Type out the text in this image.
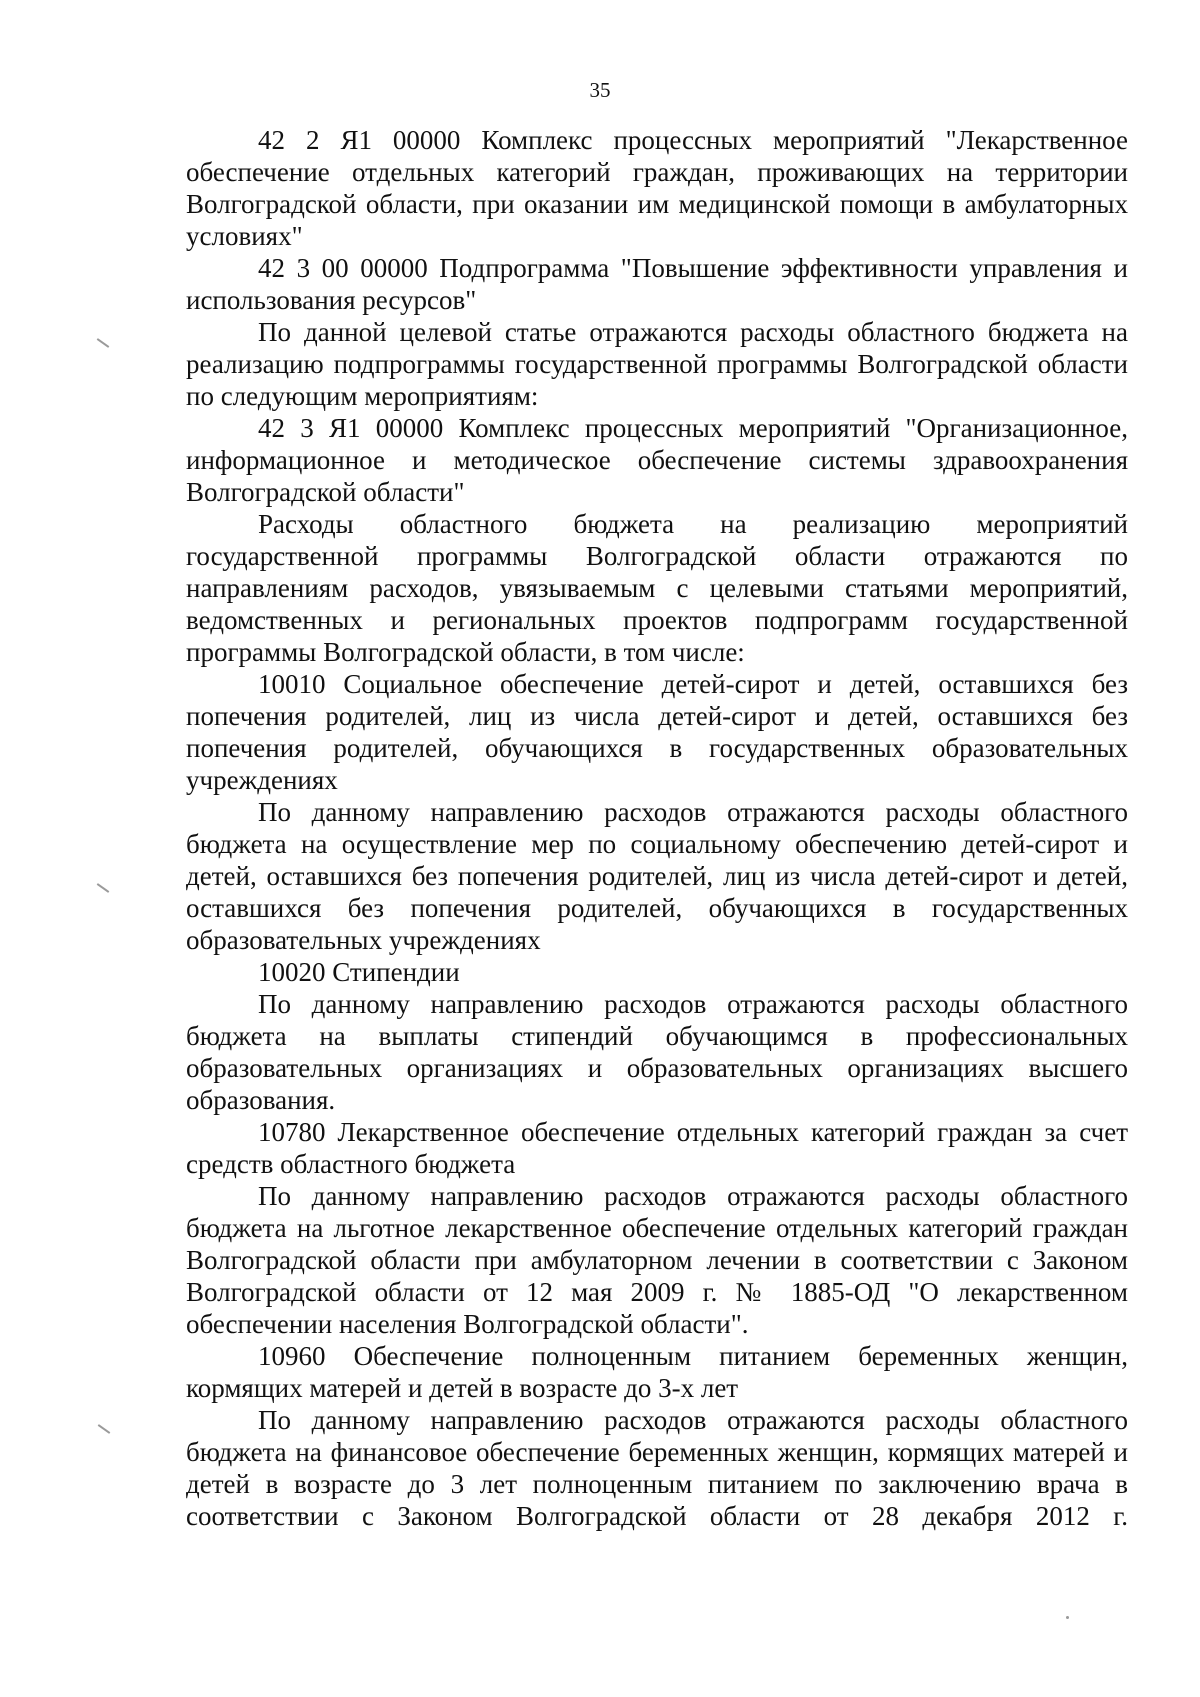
35

42 2 Я1 00000 Комплекс процессных мероприятий "Лекарственное обеспечение отдельных категорий граждан, проживающих на территории Волгоградской области, при оказании им медицинской помощи в амбулаторных условиях"

42 3 00 00000 Подпрограмма "Повышение эффективности управления и использования ресурсов"

По данной целевой статье отражаются расходы областного бюджета на реализацию подпрограммы государственной программы Волгоградской области по следующим мероприятиям:

42 3 Я1 00000 Комплекс процессных мероприятий "Организационное, информационное и методическое обеспечение системы здравоохранения Волгоградской области"

Расходы областного бюджета на реализацию мероприятий государственной программы Волгоградской области отражаются по направлениям расходов, увязываемым с целевыми статьями мероприятий, ведомственных и региональных проектов подпрограмм государственной программы Волгоградской области, в том числе:

10010 Социальное обеспечение детей-сирот и детей, оставшихся без попечения родителей, лиц из числа детей-сирот и детей, оставшихся без попечения родителей, обучающихся в государственных образовательных учреждениях

По данному направлению расходов отражаются расходы областного бюджета на осуществление мер по социальному обеспечению детей-сирот и детей, оставшихся без попечения родителей, лиц из числа детей-сирот и детей, оставшихся без попечения родителей, обучающихся в государственных образовательных учреждениях

10020 Стипендии

По данному направлению расходов отражаются расходы областного бюджета на выплаты стипендий обучающимся в профессиональных образовательных организациях и образовательных организациях высшего образования.

10780 Лекарственное обеспечение отдельных категорий граждан за счет средств областного бюджета

По данному направлению расходов отражаются расходы областного бюджета на льготное лекарственное обеспечение отдельных категорий граждан Волгоградской области при амбулаторном лечении в соответствии с Законом Волгоградской области от 12 мая 2009 г. № 1885-ОД "О лекарственном обеспечении населения Волгоградской области".

10960 Обеспечение полноценным питанием беременных женщин, кормящих матерей и детей в возрасте до 3-х лет

По данному направлению расходов отражаются расходы областного бюджета на финансовое обеспечение беременных женщин, кормящих матерей и детей в возрасте до 3 лет полноценным питанием по заключению врача в соответствии с Законом Волгоградской области от 28 декабря 2012 г.
